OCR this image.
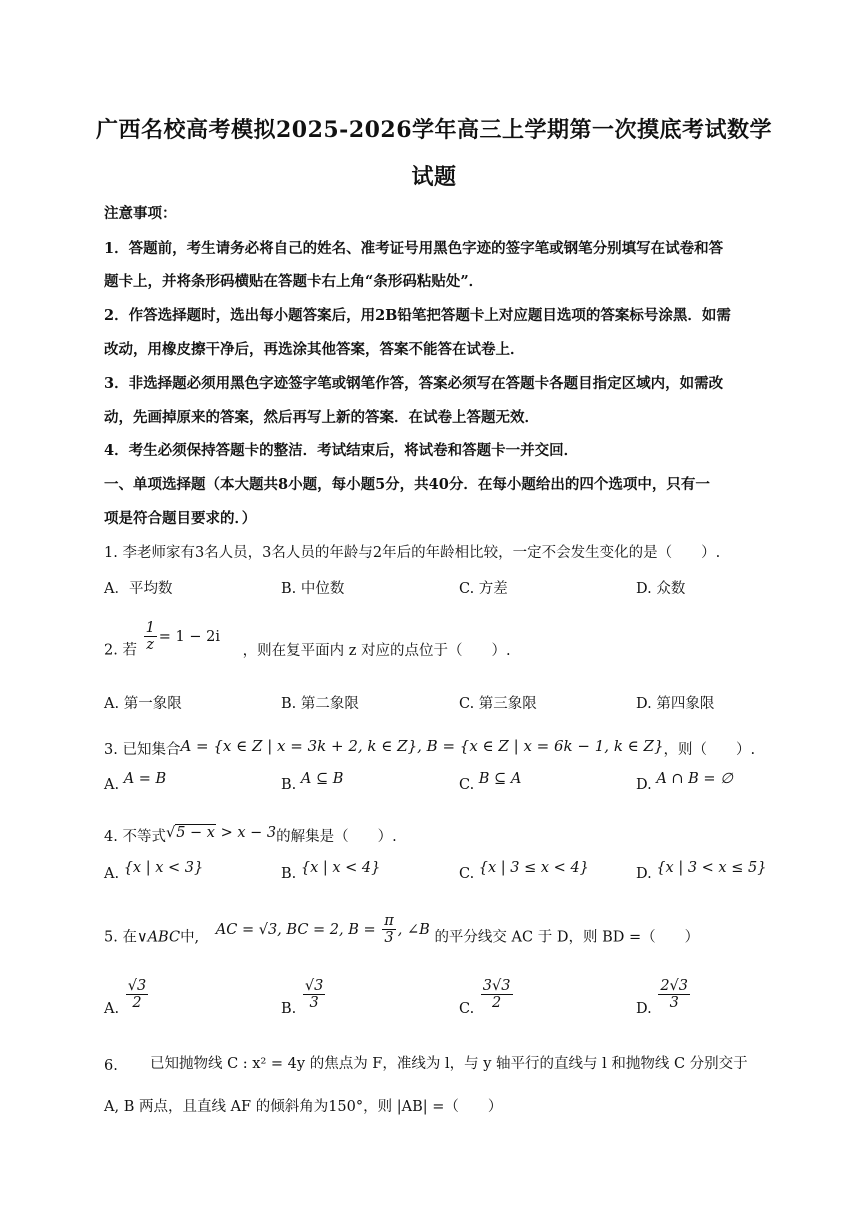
广西名校高考模拟2025-2026学年高三上学期第一次摸底考试数学
试题
注意事项：
1．答题前，考生请务必将自己的姓名、准考证号用黑色字迹的签字笔或钢笔分别填写在试卷和答
题卡上，并将条形码横贴在答题卡右上角“条形码粘贴处”．
2．作答选择题时，选出每小题答案后，用2B铅笔把答题卡上对应题目选项的答案标号涂黑．如需
改动，用橡皮擦干净后，再选涂其他答案，答案不能答在试卷上．
3．非选择题必须用黑色字迹签字笔或钢笔作答，答案必须写在答题卡各题目指定区域内，如需改
动，先画掉原来的答案，然后再写上新的答案．在试卷上答题无效．
4．考生必须保持答题卡的整洁．考试结束后，将试卷和答题卡一并交回．
一、单项选择题（本大题共8小题，每小题5分，共40分．在每小题给出的四个选项中，只有一
项是符合题目要求的．）
1. 李老师家有3名人员，3名人员的年龄与2年后的年龄相比较，一定不会发生变化的是（　　）.
A．平均数	B. 中位数	C. 方差	D. 众数
2. 若 $\frac{1}{z} = 1 - 2i$ ，则在复平面内 z 对应的点位于（　　）.
A. 第一象限	B. 第二象限	C. 第三象限	D. 第四象限
3. 已知集合A = {x ∈ Z | x = 3k + 2, k ∈ Z}, B = {x ∈ Z | x = 6k − 1, k ∈ Z}，则（　　）.
A. A = B	B. A ⊆ B	C. B ⊆ A	D. A ∩ B = ∅
4. 不等式√5 − x > x − 3的解集是（　　）.
A. {x | x < 3}	B. {x | x < 4}	C. {x | 3 ≤ x < 4}	D. {x | 3 < x ≤ 5}
5. 在∨ABC中, AC = √3, BC = 2, $B = \frac{\pi}{3}$ , ∠B 的平分线交 AC 于 D，则 BD =（　　）
A. $\frac{√3}{2}$	B. $\frac{√3}{3}$	C. $\frac{3√3}{2}$	D. $\frac{2√3}{3}$
6. 已知抛物线 C : x² = 4y 的焦点为 F，准线为 l，与 y 轴平行的直线与 l 和抛物线 C 分别交于
A, B 两点，且直线 AF 的倾斜角为150°，则 |AB| =（　　）
